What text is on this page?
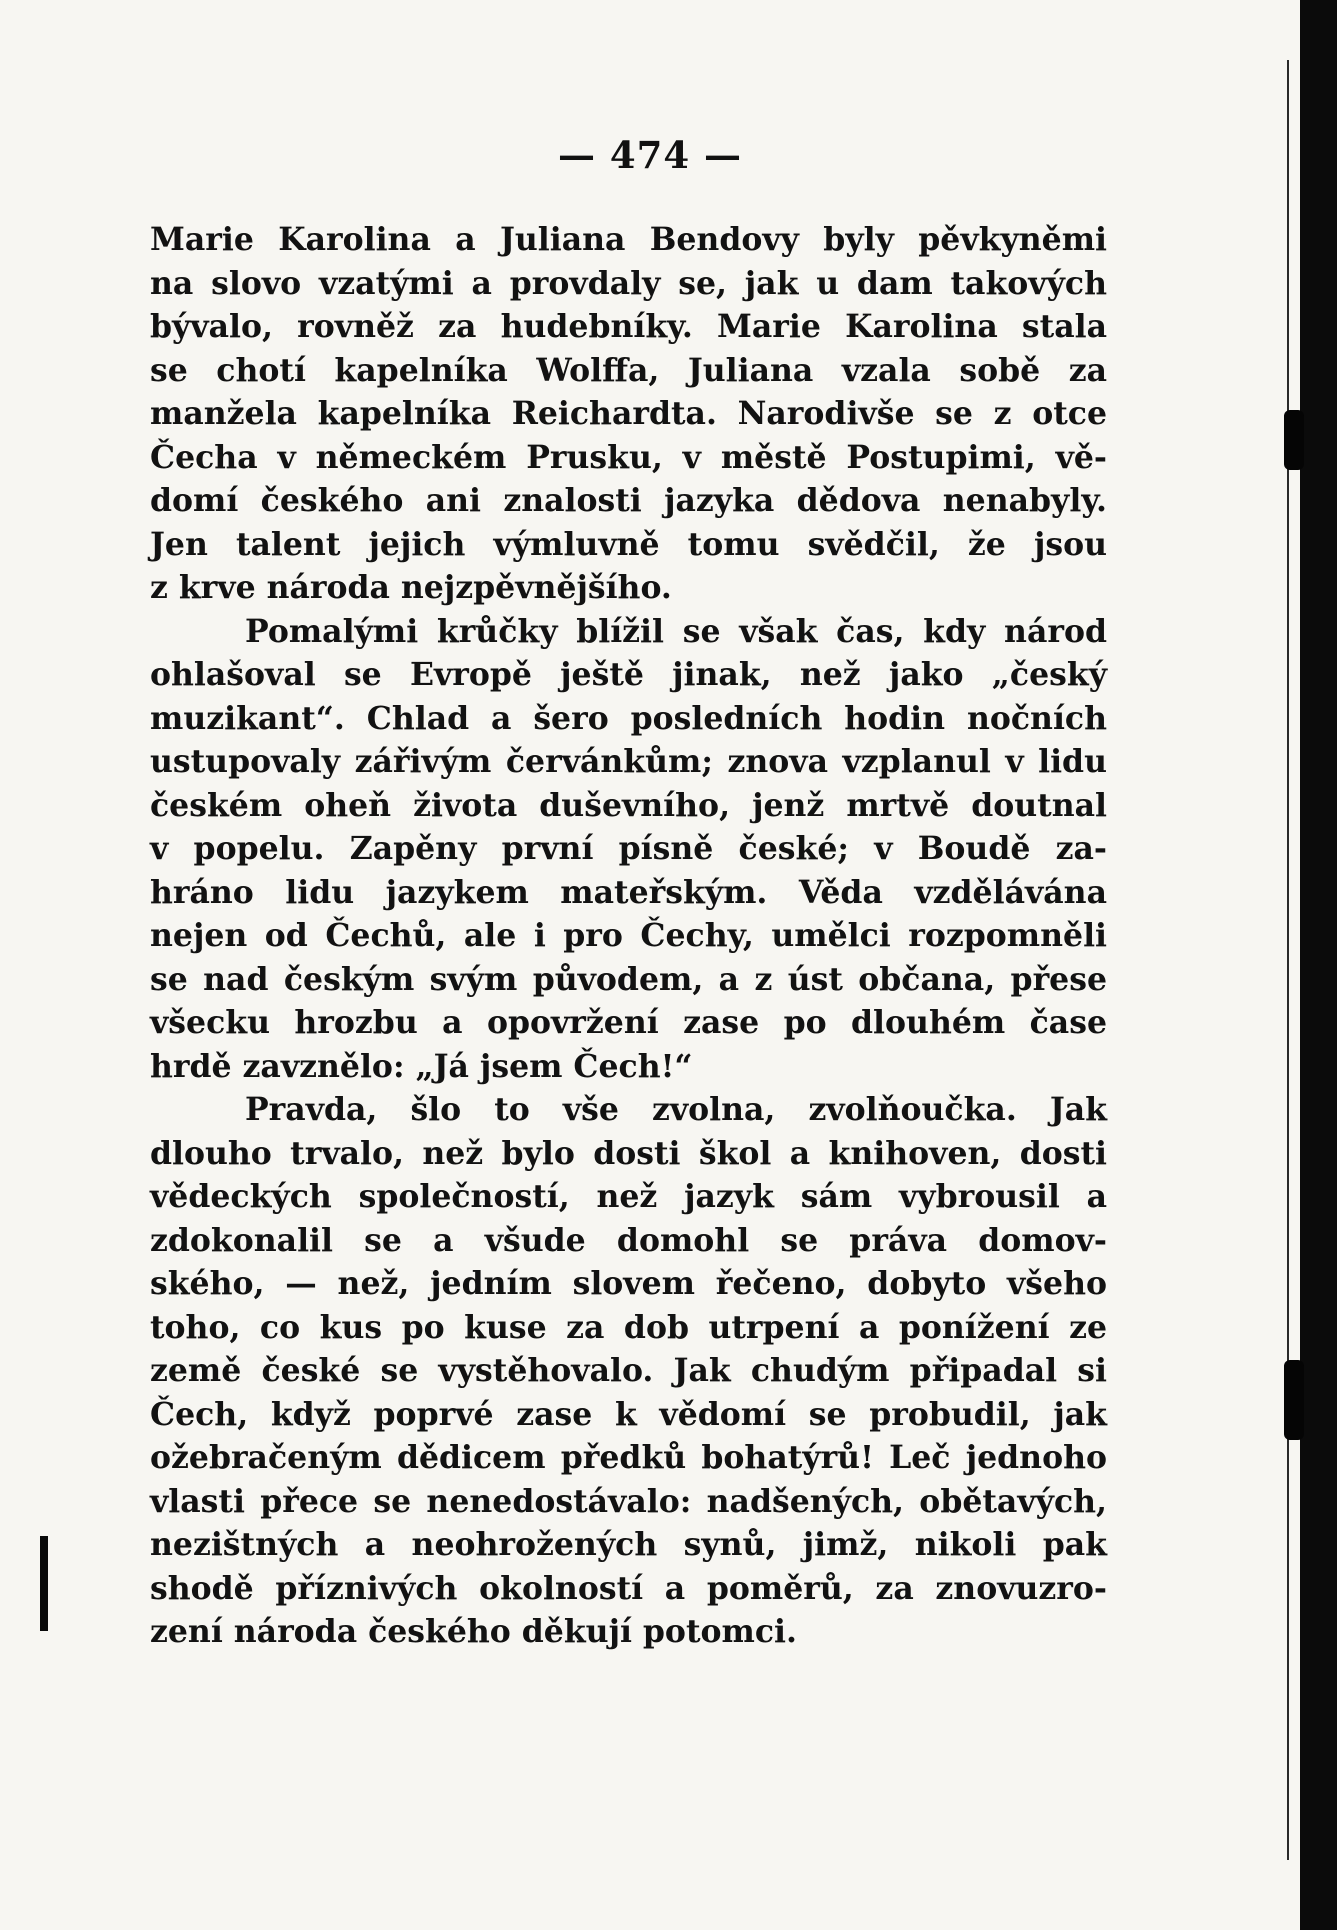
— 474 —
Marie Karolina a Juliana Bendovy byly pěvkyněmi
na slovo vzatými a provdaly se, jak u dam takových
bývalo, rovněž za hudebníky. Marie Karolina stala
se chotí kapelníka Wolffa, Juliana vzala sobě za
manžela kapelníka Reichardta. Narodivše se z otce
Čecha v německém Prusku, v městě Postupimi, vě-
domí českého ani znalosti jazyka dědova nenabyly.
Jen talent jejich výmluvně tomu svědčil, že jsou
z krve národa nejzpěvnějšího.
Pomalými krůčky blížil se však čas, kdy národ
ohlašoval se Evropě ještě jinak, než jako „český
muzikant“. Chlad a šero posledních hodin nočních
ustupovaly zářivým červánkům; znova vzplanul v lidu
českém oheň života duševního, jenž mrtvě doutnal
v popelu. Zapěny první písně české; v Boudě za-
hráno lidu jazykem mateřským. Věda vzdělávána
nejen od Čechů, ale i pro Čechy, umělci rozpomněli
se nad českým svým původem, a z úst občana, přese
všecku hrozbu a opovržení zase po dlouhém čase
hrdě zavznělo: „Já jsem Čech!“
Pravda, šlo to vše zvolna, zvolňoučka. Jak
dlouho trvalo, než bylo dosti škol a knihoven, dosti
vědeckých společností, než jazyk sám vybrousil a
zdokonalil se a všude domohl se práva domov-
ského, — než, jedním slovem řečeno, dobyto všeho
toho, co kus po kuse za dob utrpení a ponížení ze
země české se vystěhovalo. Jak chudým připadal si
Čech, když poprvé zase k vědomí se probudil, jak
ožebračeným dědicem předků bohatýrů! Leč jednoho
vlasti přece se nenedostávalo: nadšených, obětavých,
nezištných a neohrožených synů, jimž, nikoli pak
shodě příznivých okolností a poměrů, za znovuzro-
zení národa českého děkují potomci.
